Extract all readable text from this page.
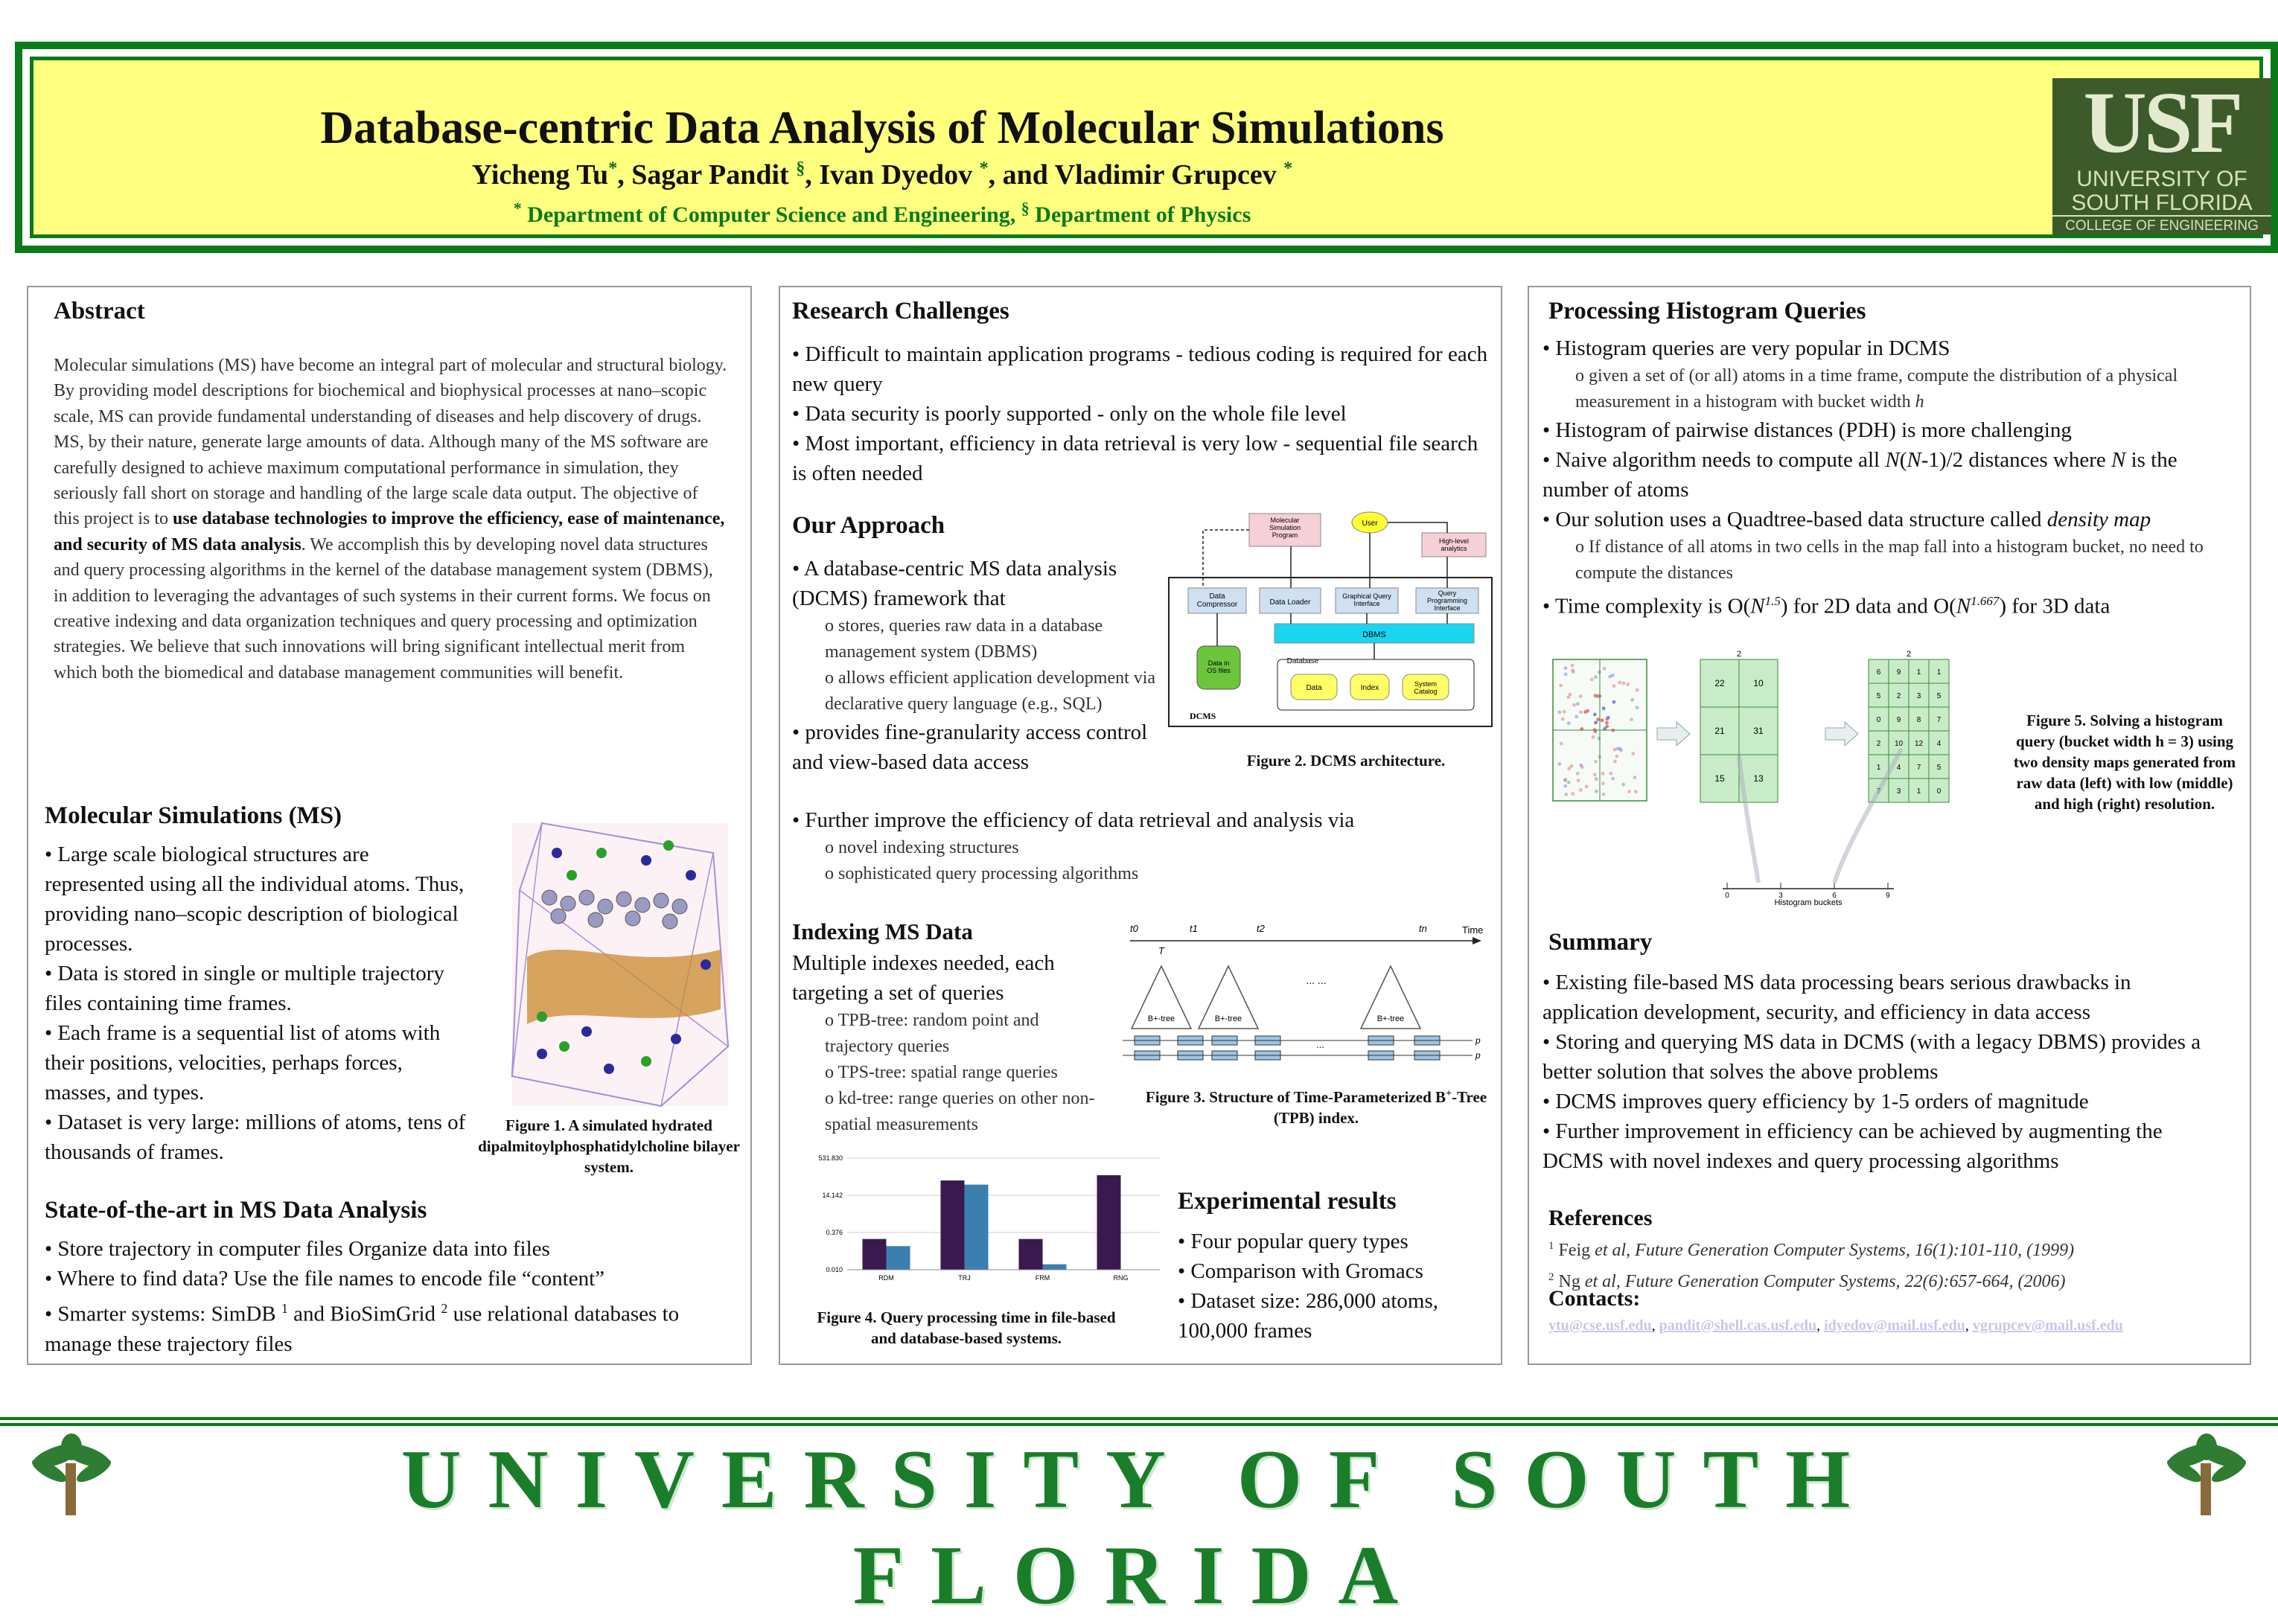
Database-centric Data Analysis of Molecular Simulations
Yicheng Tu*, Sagar Pandit §, Ivan Dyedov *, and Vladimir Grupcev *
* Department of Computer Science and Engineering, § Department of Physics
USF
UNIVERSITY OF
SOUTH FLORIDA
COLLEGE OF ENGINEERING
Abstract
Molecular simulations (MS) have become an integral part of molecular and structural biology. By providing model descriptions for biochemical and biophysical processes at nano–scopic scale, MS can provide fundamental understanding of diseases and help discovery of drugs. MS, by their nature, generate large amounts of data. Although many of the MS software are carefully designed to achieve maximum computational performance in simulation, they seriously fall short on storage and handling of the large scale data output. The objective of this project is to use database technologies to improve the efficiency, ease of maintenance, and security of MS data analysis. We accomplish this by developing novel data structures and query processing algorithms in the kernel of the database management system (DBMS), in addition to leveraging the advantages of such systems in their current forms. We focus on creative indexing and data organization techniques and query processing and optimization strategies. We believe that such innovations will bring significant intellectual merit from which both the biomedical and database management communities will benefit.
Molecular Simulations (MS)
• Large scale biological structures are represented using all the individual atoms. Thus, providing nano–scopic description of biological processes.
• Data is stored in single or multiple trajectory files containing time frames.
• Each frame is a sequential list of atoms with their positions, velocities, perhaps forces, masses, and types.
• Dataset is very large: millions of atoms, tens of thousands of frames.
Figure 1. A simulated hydrated dipalmitoylphosphatidylcholine bilayer system.
State-of-the-art in MS Data Analysis
• Store trajectory in computer files Organize data into files
• Where to find data? Use the file names to encode file “content”
• Smarter systems: SimDB $^1$ and BioSimGrid $^2$ use relational databases to manage these trajectory files
Research Challenges
• Difficult to maintain application programs - tedious coding is required for each new query
• Data security is poorly supported - only on the whole file level
• Most important, efficiency in data retrieval is very low - sequential file search is often needed
Our Approach
• A database-centric MS data analysis (DCMS) framework that
o stores, queries raw data in a database management system (DBMS)
o allows efficient application development via declarative query language (e.g., SQL)
• provides fine-granularity access control and view-based data access
• Further improve the efficiency of data retrieval and analysis via
o novel indexing structures
o sophisticated query processing algorithms
Molecular Simulation Program
User
High-level analytics
Data Compressor	Data Loader
Graphical Query Interface
Query Programming Interface
DBMS
Database
Data	Index	System Catalog
Data in OS files
DCMS
Figure 2. DCMS architecture.
Indexing MS Data
Multiple indexes needed, each targeting a set of queries
o TPB-tree: random point and trajectory queries
o TPS-tree: spatial range queries
o kd-tree: range queries on other non-spatial measurements
Time
t0	t1	t2	tn
T
B+-tree	B+-tree	B+-tree
... ...
...	p
p
Figure 3. Structure of Time-Parameterized B+-Tree (TPB) index.
531.830
14.142
0.376
0.010
RDM	TRJ	FRM	RNG
Figure 4. Query processing time in file-based and database-based systems.
Experimental results
• Four popular query types
• Comparison with Gromacs
• Dataset size: 286,000 atoms, 100,000 frames
Processing Histogram Queries
• Histogram queries are very popular in DCMS
o given a set of (or all) atoms in a time frame, compute the distribution of a physical measurement in a histogram with bucket width h
• Histogram of pairwise distances (PDH) is more challenging
• Naive algorithm needs to compute all N(N-1)/2 distances where N is the number of atoms
• Our solution uses a Quadtree-based data structure called density map
o If distance of all atoms in two cells in the map fall into a histogram bucket, no need to compute the distances
• Time complexity is $O(N^{1.5})$ for 2D data and $O(N^{1.667})$ for 3D data
22	10
21	31
15	13
6 9 1 1
5 2 3 5
0 9 8 7
2 10 12 4
1 4 7 5
7 3 1 0
2	2
0	3	6	9
Histogram buckets
Figure 5. Solving a histogram query (bucket width h = 3) using two density maps generated from raw data (left) with low (middle) and high (right) resolution.
Summary
• Existing file-based MS data processing bears serious drawbacks in application development, security, and efficiency in data access
• Storing and querying MS data in DCMS (with a legacy DBMS) provides a better solution that solves the above problems
• DCMS improves query efficiency by 1-5 orders of magnitude
• Further improvement in efficiency can be achieved by augmenting the DCMS with novel indexes and query processing algorithms
References
$^1$ Feig et al, Future Generation Computer Systems, 16(1):101-110, (1999)
$^2$ Ng et al, Future Generation Computer Systems, 22(6):657-664, (2006)
Contacts:
ytu@cse.usf.edu, pandit@shell.cas.usf.edu, idyedov@mail.usf.edu, vgrupcev@mail.usf.edu
UNIVERSITY OF SOUTH FLORIDA
